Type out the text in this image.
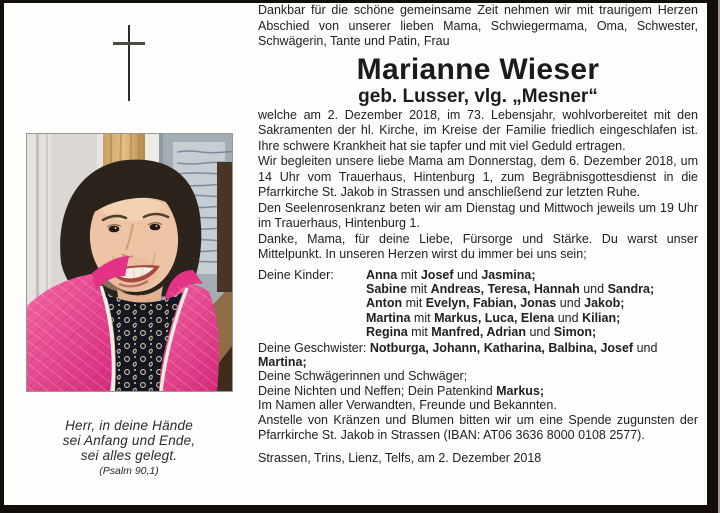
Herr, in deine Hände
sei Anfang und Ende,
sei alles gelegt.
(Psalm 90,1)

Dankbar für die schöne gemeinsame Zeit nehmen wir mit traurigem Herzen Abschied von unserer lieben Mama, Schwiegermama, Oma, Schwester, Schwägerin, Tante und Patin, Frau

Marianne Wieser
geb. Lusser, vlg. „Mesner“

welche am 2. Dezember 2018, im 73. Lebensjahr, wohlvorbereitet mit den Sakramenten der hl. Kirche, im Kreise der Familie friedlich eingeschlafen ist. Ihre schwere Krankheit hat sie tapfer und mit viel Geduld ertragen.

Wir begleiten unsere liebe Mama am Donnerstag, dem 6. Dezember 2018, um 14 Uhr vom Trauerhaus, Hintenburg 1, zum Begräbnisgottesdienst in die Pfarrkirche St. Jakob in Strassen und anschließend zur letzten Ruhe.

Den Seelenrosenkranz beten wir am Dienstag und Mittwoch jeweils um 19 Uhr im Trauerhaus, Hintenburg 1.

Danke, Mama, für deine Liebe, Fürsorge und Stärke. Du warst unser Mittelpunkt. In unseren Herzen wirst du immer bei uns sein;

Deine Kinder:	Anna mit Josef und Jasmina;
Sabine mit Andreas, Teresa, Hannah und Sandra;
Anton mit Evelyn, Fabian, Jonas und Jakob;
Martina mit Markus, Luca, Elena und Kilian;
Regina mit Manfred, Adrian und Simon;
Deine Geschwister: Notburga, Johann, Katharina, Balbina, Josef und Martina;
Deine Schwägerinnen und Schwäger;
Deine Nichten und Neffen; Dein Patenkind Markus;
Im Namen aller Verwandten, Freunde und Bekannten.

Anstelle von Kränzen und Blumen bitten wir um eine Spende zugunsten der Pfarrkirche St. Jakob in Strassen (IBAN: AT06 3636 8000 0108 2577).

Strassen, Trins, Lienz, Telfs, am 2. Dezember 2018
